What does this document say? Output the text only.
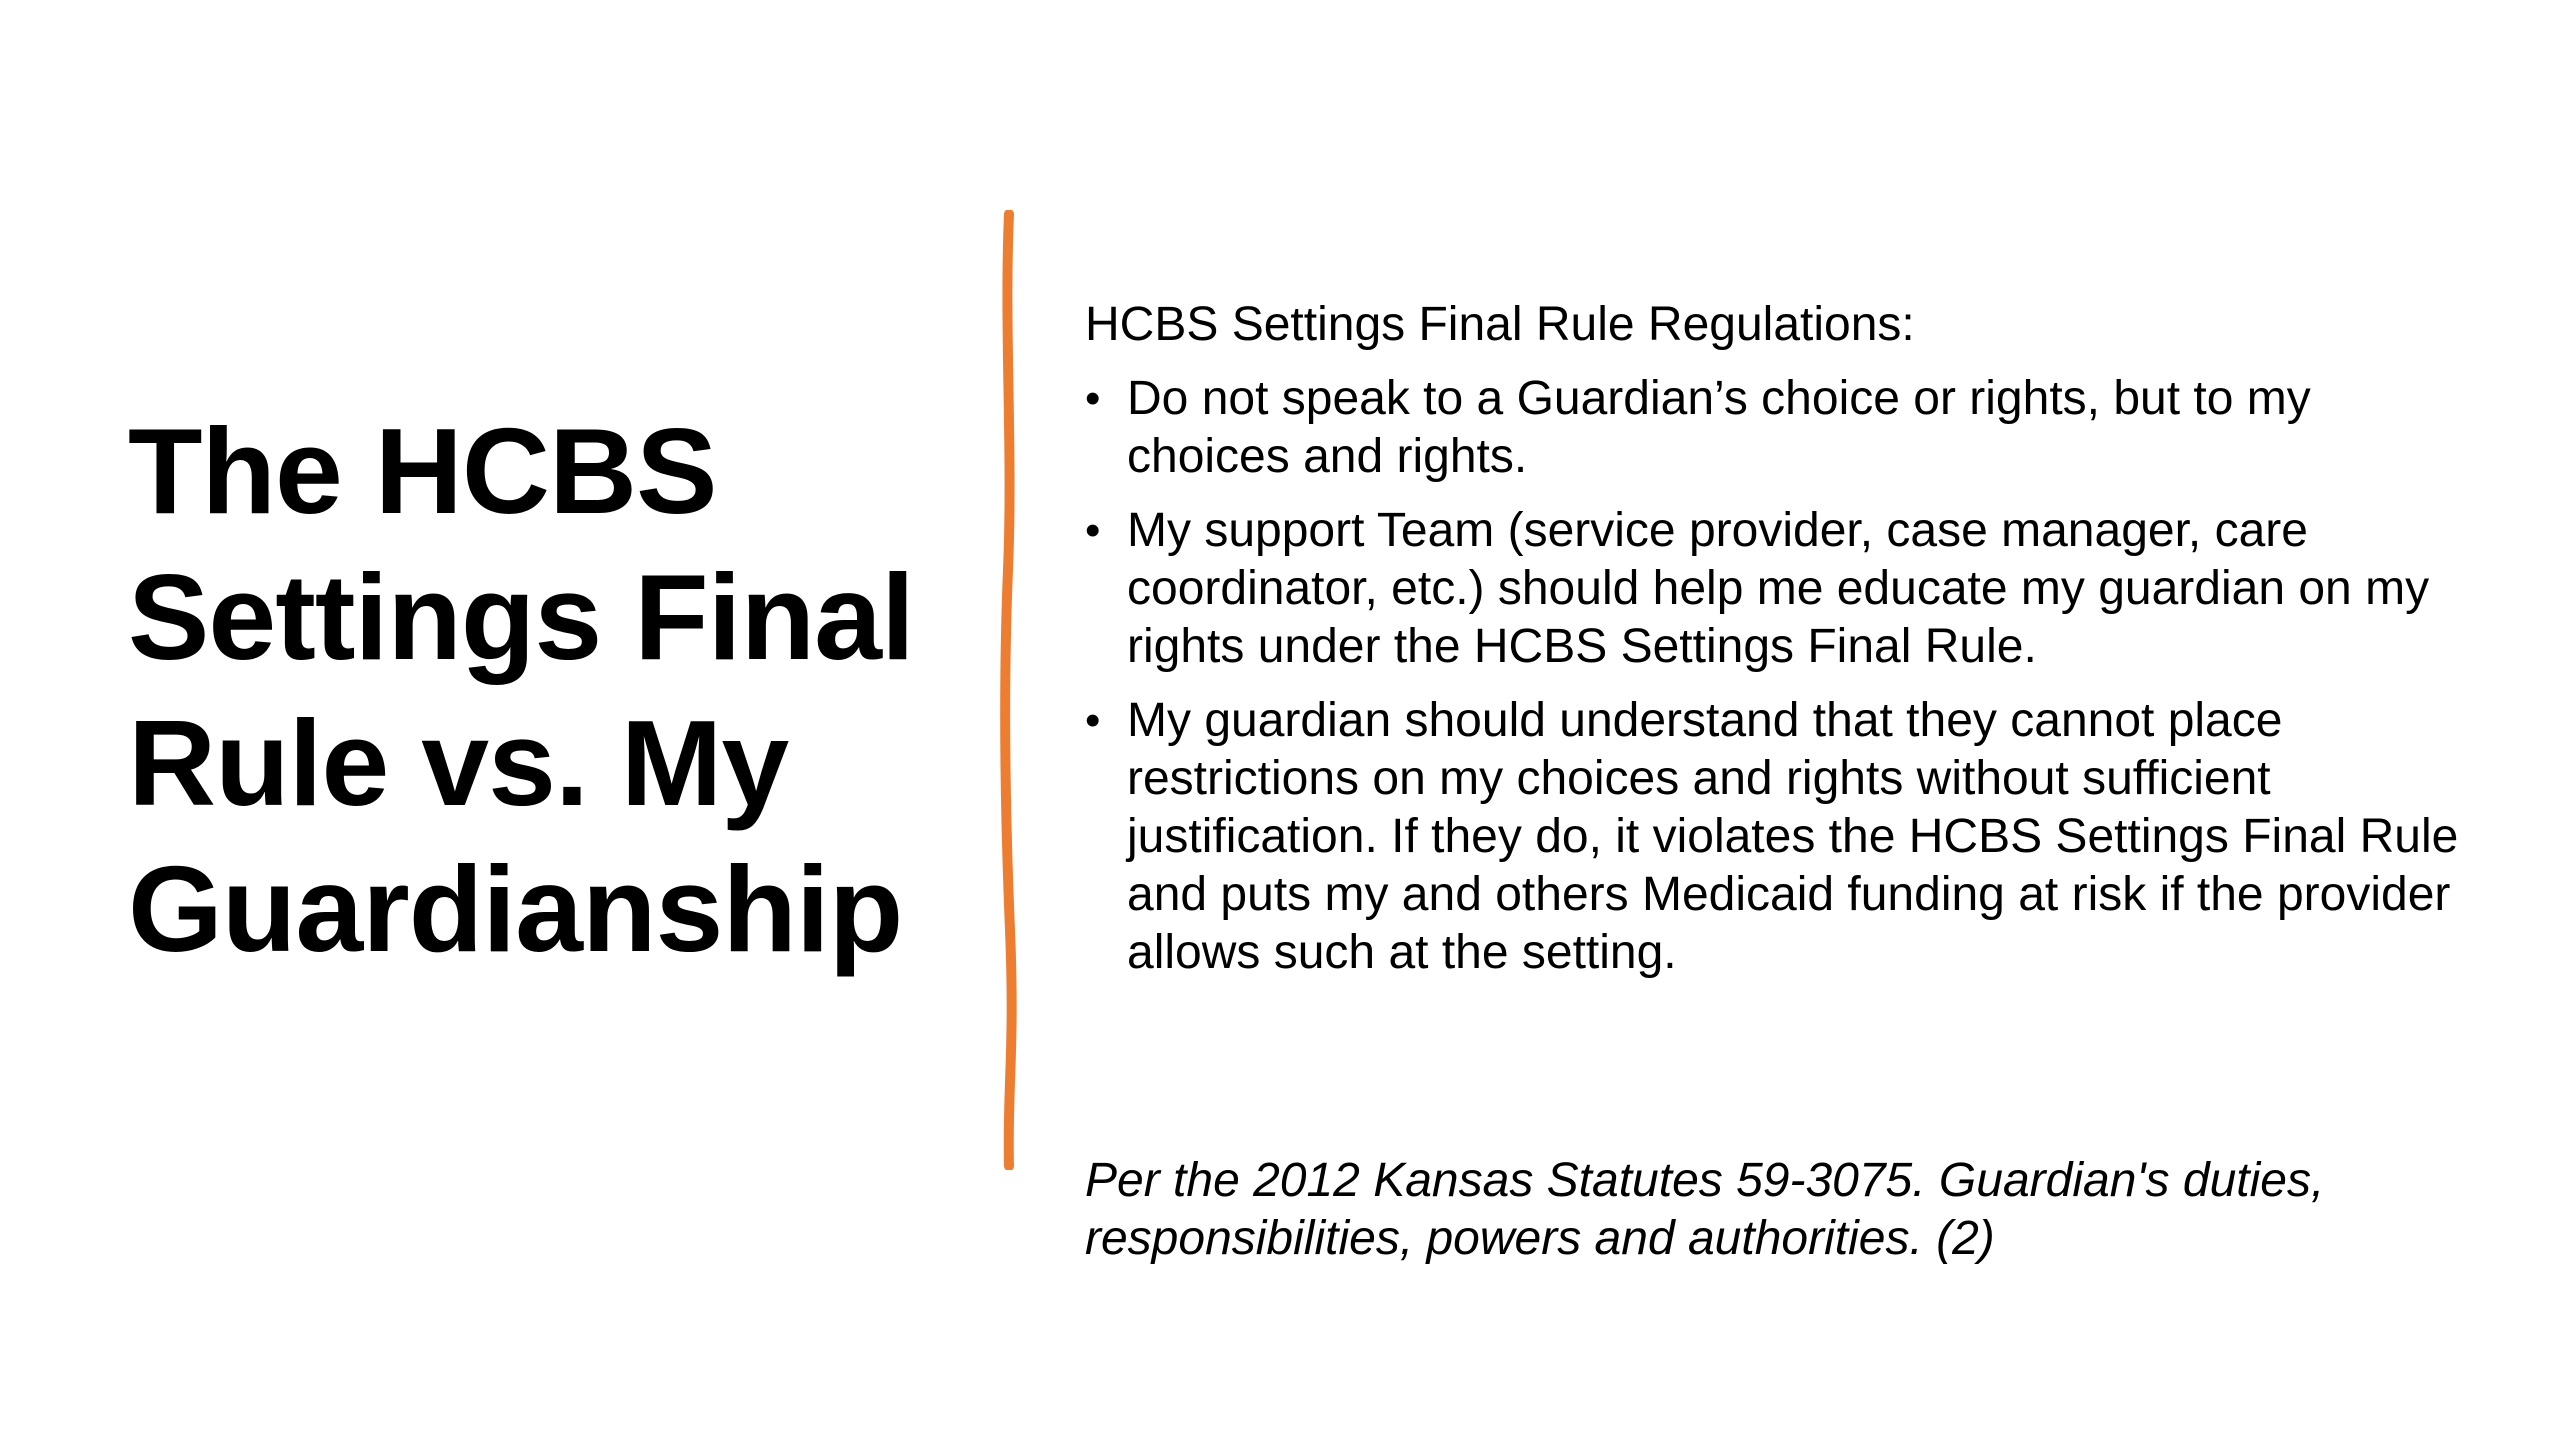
The HCBS Settings Final Rule vs. My Guardianship

HCBS Settings Final Rule Regulations:

• Do not speak to a Guardian’s choice or rights, but to my choices and rights.
• My support Team (service provider, case manager, care coordinator, etc.) should help me educate my guardian on my rights under the HCBS Settings Final Rule.
• My guardian should understand that they cannot place restrictions on my choices and rights without sufficient justification. If they do, it violates the HCBS Settings Final Rule and puts my and others Medicaid funding at risk if the provider allows such at the setting.

Per the 2012 Kansas Statutes 59-3075. Guardian's duties, responsibilities, powers and authorities. (2)
